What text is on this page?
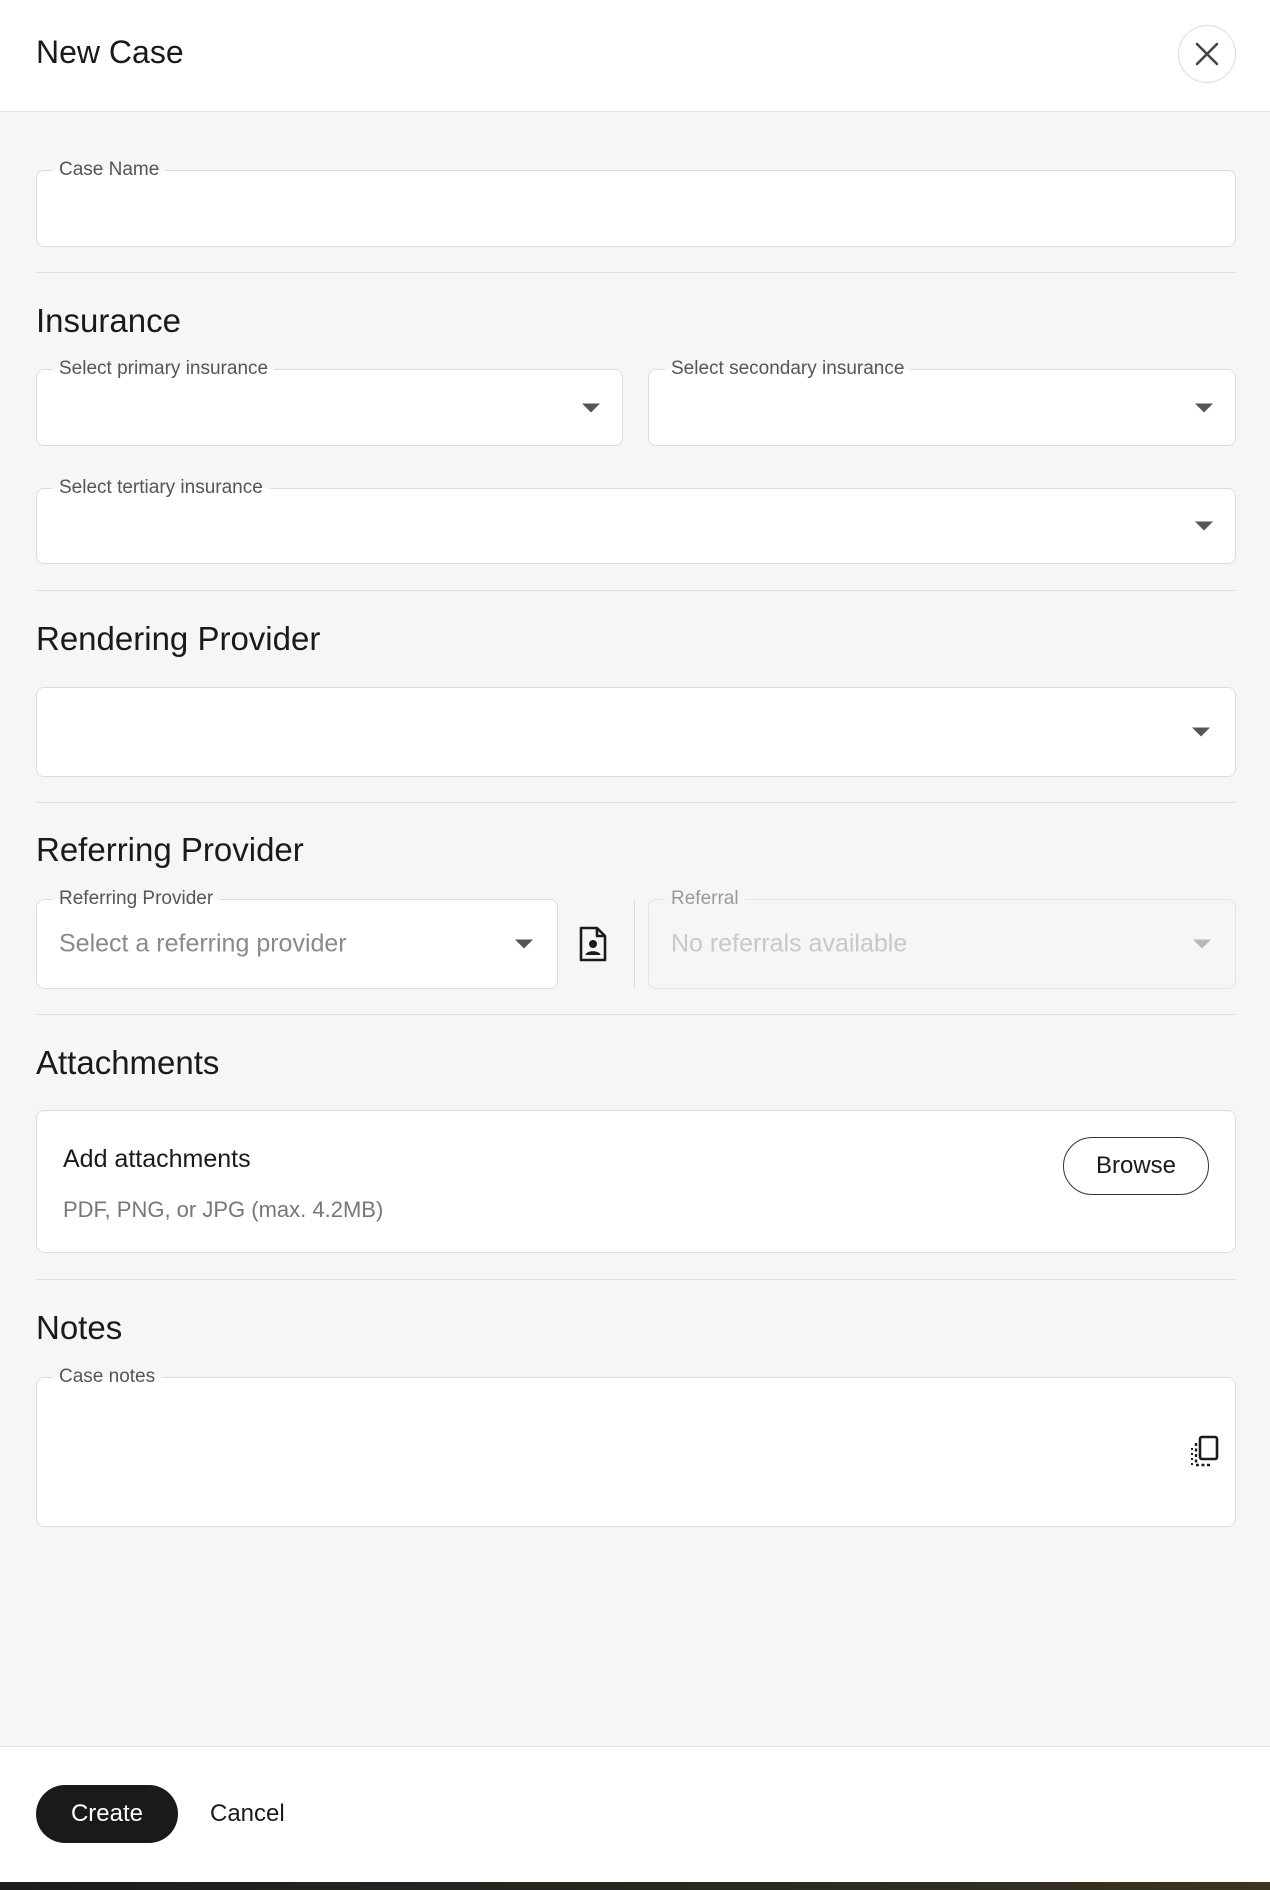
New Case
Case Name
Insurance
Select primary insurance	Select secondary insurance
Select tertiary insurance
Rendering Provider
Referring Provider
Referring Provider
Select a referring provider
Referral
No referrals available
Attachments
Add attachments
PDF, PNG, or JPG (max. 4.2MB)
Browse
Notes
Case notes
Create	Cancel
